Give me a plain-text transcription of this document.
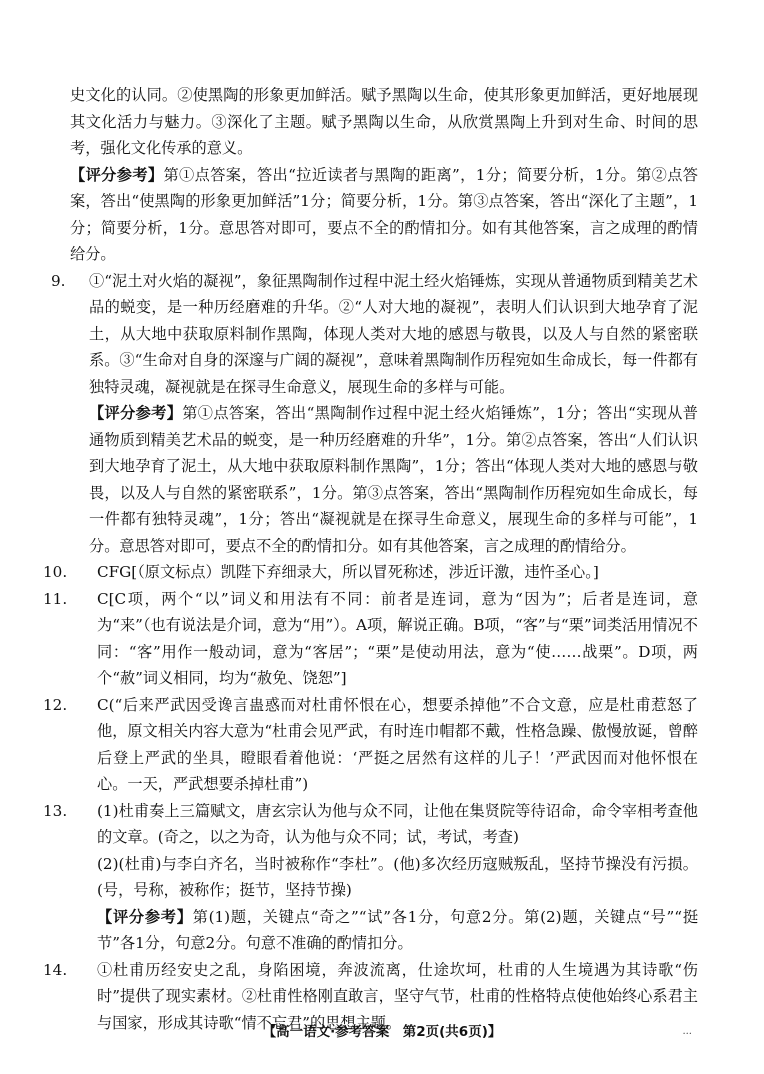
史文化的认同。②使黑陶的形象更加鲜活。赋予黑陶以生命，使其形象更加鲜活，更好地展现其文化活力与魅力。③深化了主题。赋予黑陶以生命，从欣赏黑陶上升到对生命、时间的思考，强化文化传承的意义。

【评分参考】第①点答案，答出“拉近读者与黑陶的距离”，1分；简要分析，1分。第②点答案，答出“使黑陶的形象更加鲜活”1分；简要分析，1分。第③点答案，答出“深化了主题”，1分；简要分析，1分。意思答对即可，要点不全的酌情扣分。如有其他答案，言之成理的酌情给分。

9. ①“泥土对火焰的凝视”，象征黑陶制作过程中泥土经火焰锤炼，实现从普通物质到精美艺术品的蜕变，是一种历经磨难的升华。②“人对大地的凝视”，表明人们认识到大地孕育了泥土，从大地中获取原料制作黑陶，体现人类对大地的感恩与敬畏，以及人与自然的紧密联系。③“生命对自身的深邃与广阔的凝视”，意味着黑陶制作历程宛如生命成长，每一件都有独特灵魂，凝视就是在探寻生命意义，展现生命的多样与可能。

【评分参考】第①点答案，答出“黑陶制作过程中泥土经火焰锤炼”，1分；答出“实现从普通物质到精美艺术品的蜕变，是一种历经磨难的升华”，1分。第②点答案，答出“人们认识到大地孕育了泥土，从大地中获取原料制作黑陶”，1分；答出“体现人类对大地的感恩与敬畏，以及人与自然的紧密联系”，1分。第③点答案，答出“黑陶制作历程宛如生命成长，每一件都有独特灵魂”，1分；答出“凝视就是在探寻生命意义，展现生命的多样与可能”，1分。意思答对即可，要点不全的酌情扣分。如有其他答案，言之成理的酌情给分。

10. CFG[（原文标点）凯陛下弃细录大，所以冒死称述，涉近讦激，违忤圣心。]

11. C[C项，两个“以”词义和用法有不同：前者是连词，意为“因为”；后者是连词，意为“来”（也有说法是介词，意为“用”）。A项，解说正确。B项，“客”与“栗”词类活用情况不同：“客”用作一般动词，意为“客居”；“栗”是使动用法，意为“使……战栗”。D项，两个“赦”词义相同，均为“赦免、饶恕”]

12. C(“后来严武因受谗言蛊惑而对杜甫怀恨在心，想要杀掉他”不合文意，应是杜甫惹怒了他，原文相关内容大意为“杜甫会见严武，有时连巾帽都不戴，性格急躁、傲慢放诞，曾醉后登上严武的坐具，瞪眼看着他说：‘严挺之居然有这样的儿子！’严武因而对他怀恨在心。一天，严武想要杀掉杜甫”)

13. (1)杜甫奏上三篇赋文，唐玄宗认为他与众不同，让他在集贤院等待诏命，命令宰相考查他的文章。(奇之，以之为奇，认为他与众不同；试，考试，考查)

(2)(杜甫)与李白齐名，当时被称作“李杜”。(他)多次经历寇贼叛乱，坚持节操没有污损。(号，号称，被称作；挺节，坚持节操)

【评分参考】第(1)题，关键点“奇之”“试”各1分，句意2分。第(2)题，关键点“号”“挺节”各1分，句意2分。句意不准确的酌情扣分。

14. ①杜甫历经安史之乱，身陷困境，奔波流离，仕途坎坷，杜甫的人生境遇为其诗歌“伤时”提供了现实素材。②杜甫性格刚直敢言，坚守气节，杜甫的性格特点使他始终心系君主与国家，形成其诗歌“情不忘君”的思想主题。

【高一语文·参考答案　第2页(共6页)】	...
